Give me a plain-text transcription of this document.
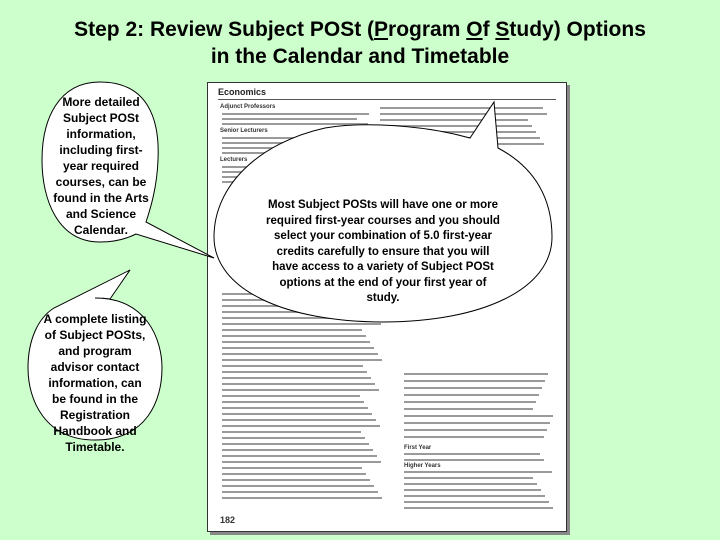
Step 2: Review Subject POSt (Program Of Study) Options
in the Calendar and Timetable
Economics
Adjunct Professors
Senior Lecturers
Lecturers
First Year
Higher Years
182
More detailed Subject POSt information, including first-year required courses, can be found in the Arts and Science Calendar.
A complete listing of Subject POSts, and program advisor contact information, can be found in the Registration Handbook and Timetable.
Most Subject POSts will have one or more required first-year courses and you should select your combination of 5.0 first-year credits carefully to ensure that you will have access to a variety of Subject POSt options at the end of your first year of study.
